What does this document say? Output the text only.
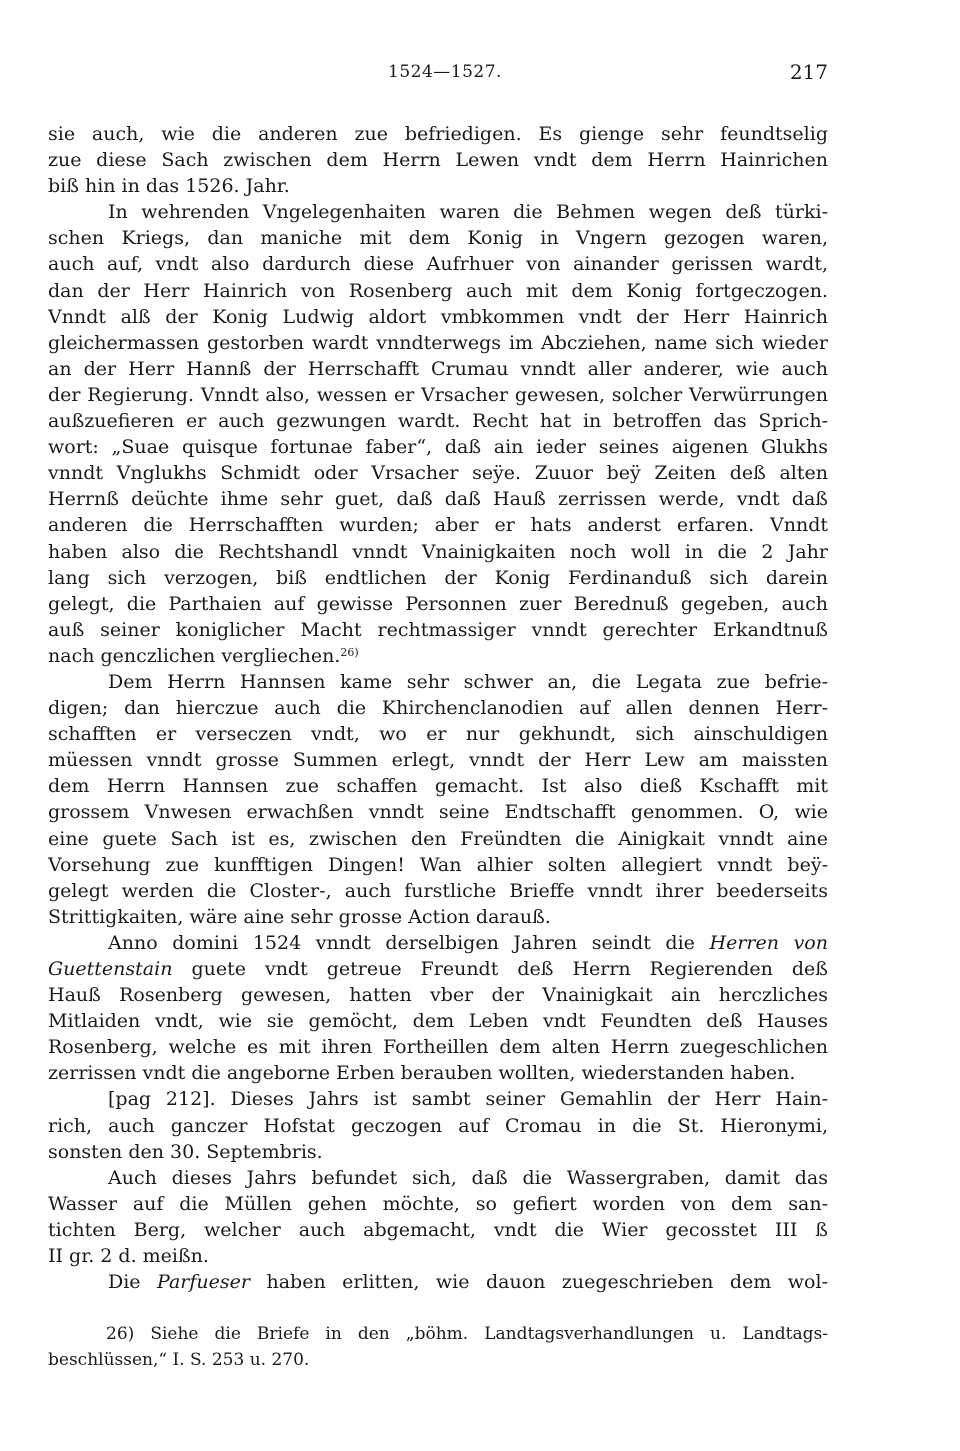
1524—1527.	217
sie auch, wie die anderen zue befriedigen. Es gienge sehr feundtselig
zue diese Sach zwischen dem Herrn Lewen vndt dem Herrn Hainrichen
biß hin in das 1526. Jahr.
In wehrenden Vngelegenhaiten waren die Behmen wegen deß türki-
schen Kriegs, dan maniche mit dem Konig in Vngern gezogen waren,
auch auf, vndt also dardurch diese Aufrhuer von ainander gerissen wardt,
dan der Herr Hainrich von Rosenberg auch mit dem Konig fortgeczogen.
Vnndt alß der Konig Ludwig aldort vmbkommen vndt der Herr Hainrich
gleichermassen gestorben wardt vnndterwegs im Abcziehen, name sich wieder
an der Herr Hannß der Herrschafft Crumau vnndt aller anderer, wie auch
der Regierung. Vnndt also, wessen er Vrsacher gewesen, solcher Verwürrungen
außzuefieren er auch gezwungen wardt. Recht hat in betroffen das Sprich-
wort: „Suae quisque fortunae faber“, daß ain ieder seines aigenen Glukhs
vnndt Vnglukhs Schmidt oder Vrsacher seÿe. Zuuor beÿ Zeiten deß alten
Herrnß deüchte ihme sehr guet, daß daß Hauß zerrissen werde, vndt daß
anderen die Herrschafften wurden; aber er hats anderst erfaren. Vnndt
haben also die Rechtshandl vnndt Vnainigkaiten noch woll in die 2 Jahr
lang sich verzogen, biß endtlichen der Konig Ferdinanduß sich darein
gelegt, die Parthaien auf gewisse Personnen zuer Berednuß gegeben, auch
auß seiner koniglicher Macht rechtmassiger vnndt gerechter Erkandtnuß
nach genczlichen vergliechen.$^{26)}$
Dem Herrn Hannsen kame sehr schwer an, die Legata zue befrie-
digen; dan hierczue auch die Khirchenclanodien auf allen dennen Herr-
schafften er verseczen vndt, wo er nur gekhundt, sich ainschuldigen
müessen vnndt grosse Summen erlegt, vnndt der Herr Lew am maissten
dem Herrn Hannsen zue schaffen gemacht. Ist also dieß Kschafft mit
grossem Vnwesen erwachßen vnndt seine Endtschafft genommen. O, wie
eine guete Sach ist es, zwischen den Freündten die Ainigkait vnndt aine
Vorsehung zue kunfftigen Dingen! Wan alhier solten allegiert vnndt beÿ-
gelegt werden die Closter-, auch furstliche Brieffe vnndt ihrer beederseits
Strittigkaiten, wäre aine sehr grosse Action darauß.
Anno domini 1524 vnndt derselbigen Jahren seindt die Herren von
Guettenstain guete vndt getreue Freundt deß Herrn Regierenden deß
Hauß Rosenberg gewesen, hatten vber der Vnainigkait ain herczliches
Mitlaiden vndt, wie sie gemöcht, dem Leben vndt Feundten deß Hauses
Rosenberg, welche es mit ihren Fortheillen dem alten Herrn zuegeschlichen
zerrissen vndt die angeborne Erben berauben wollten, wiederstanden haben.
[pag 212]. Dieses Jahrs ist sambt seiner Gemahlin der Herr Hain-
rich, auch ganczer Hofstat geczogen auf Cromau in die St. Hieronymi,
sonsten den 30. Septembris.
Auch dieses Jahrs befundet sich, daß die Wassergraben, damit das
Wasser auf die Müllen gehen möchte, so gefiert worden von dem san-
tichten Berg, welcher auch abgemacht, vndt die Wier gecosstet III ß
II gr. 2 d. meißn.
Die Parfueser haben erlitten, wie dauon zuegeschrieben dem wol-
26) Siehe die Briefe in den „böhm. Landtagsverhandlungen u. Landtags-
beschlüssen,“ I. S. 253 u. 270.
